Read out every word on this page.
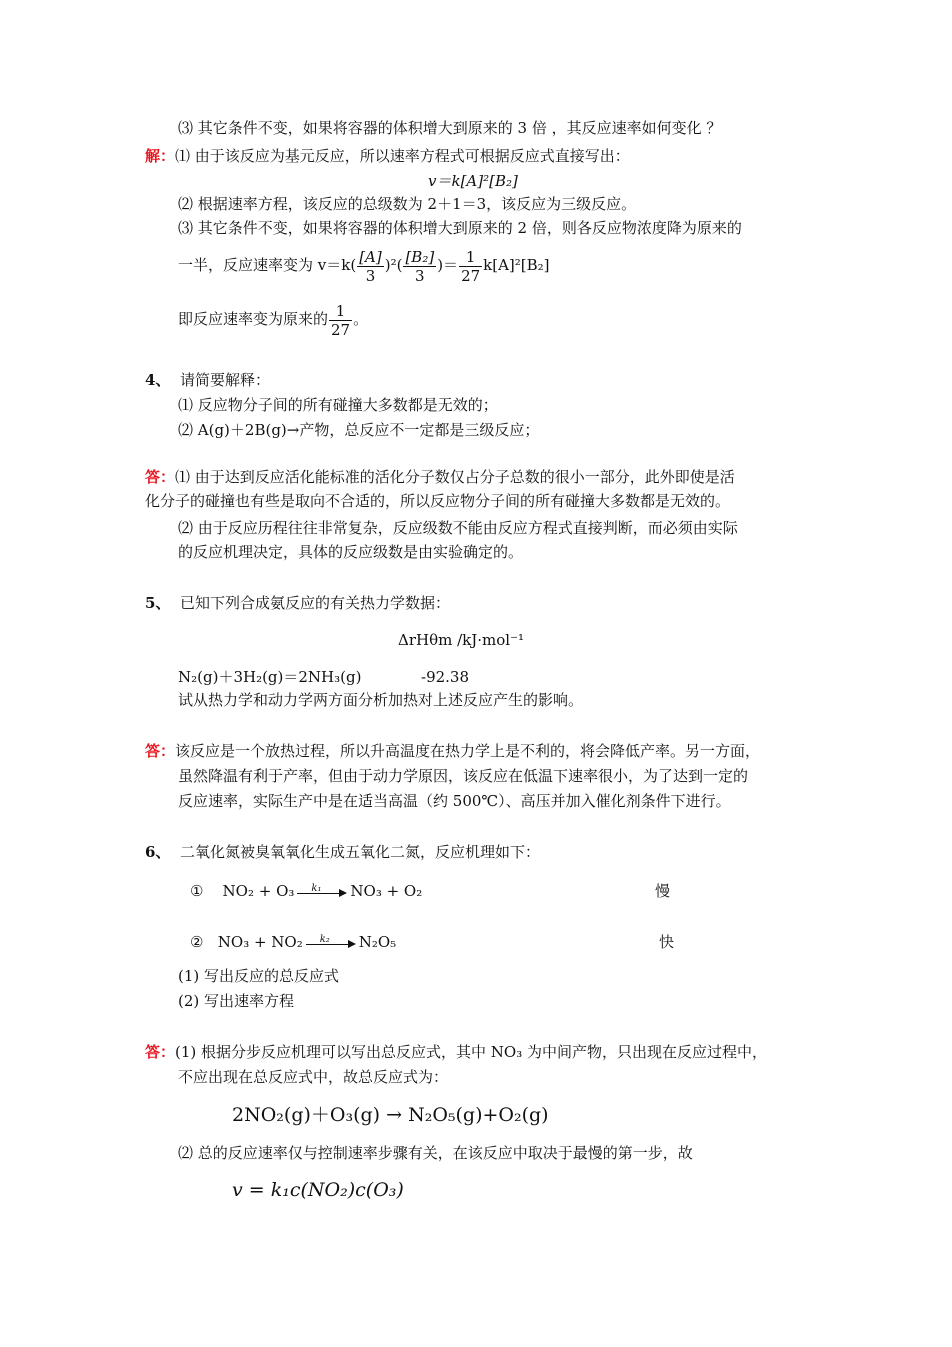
⑶ 其它条件不变，如果将容器的体积增大到原来的 3 倍 ，其反应速率如何变化 ？
解：⑴ 由于该反应为基元反应，所以速率方程式可根据反应式直接写出：
v＝k[A]²[B₂]
⑵ 根据速率方程，该反应的总级数为 2＋1＝3，该反应为三级反应。
⑶ 其它条件不变，如果将容器的体积增大到原来的 2 倍，则各反应物浓度降为原来的
一半，反应速率变为 $v=k( \frac{[A]}{3} )^2( \frac{\text{[B₂]}}{3}$ )＝ $\frac{1}{27} k[A]^2[B_2]$
即反应速率变为原来的 $\frac{1}{27}$ 。
4、 请简要解释：
⑴ 反应物分子间的所有碰撞大多数都是无效的；
⑵ A(g)＋2B(g)→产物，总反应不一定都是三级反应；
答：⑴ 由于达到反应活化能标准的活化分子数仅占分子总数的很小一部分，此外即使是活
化分子的碰撞也有些是取向不合适的，所以反应物分子间的所有碰撞大多数都是无效的。
⑵ 由于反应历程往往非常复杂，反应级数不能由反应方程式直接判断，而必须由实际
的反应机理决定，具体的反应级数是由实验确定的。
5、 已知下列合成氨反应的有关热力学数据：
ΔrHθm /kJ·mol⁻¹
N₂(g)＋3H₂(g)＝2NH₃(g)	-92.38
试从热力学和动力学两方面分析加热对上述反应产生的影响。
答：该反应是一个放热过程，所以升高温度在热力学上是不利的，将会降低产率。另一方面，
虽然降温有利于产率，但由于动力学原因，该反应在低温下速率很小，为了达到一定的
反应速率，实际生产中是在适当高温（约 500℃）、高压并加入催化剂条件下进行。
6、 二氧化氮被臭氧氧化生成五氧化二氮，反应机理如下：
① NO₂ + O₃ k₁ NO₃ + O₂	慢
② NO₃ + NO₂ k₂ N₂O₅	快
(1) 写出反应的总反应式
(2) 写出速率方程
答：(1) 根据分步反应机理可以写出总反应式，其中 NO₃ 为中间产物，只出现在反应过程中，
不应出现在总反应式中，故总反应式为：
2NO₂(g)＋O₃(g) → N₂O₅(g)+O₂(g)
⑵ 总的反应速率仅与控制速率步骤有关，在该反应中取决于最慢的第一步，故
v = k₁c(NO₂)c(O₃)
